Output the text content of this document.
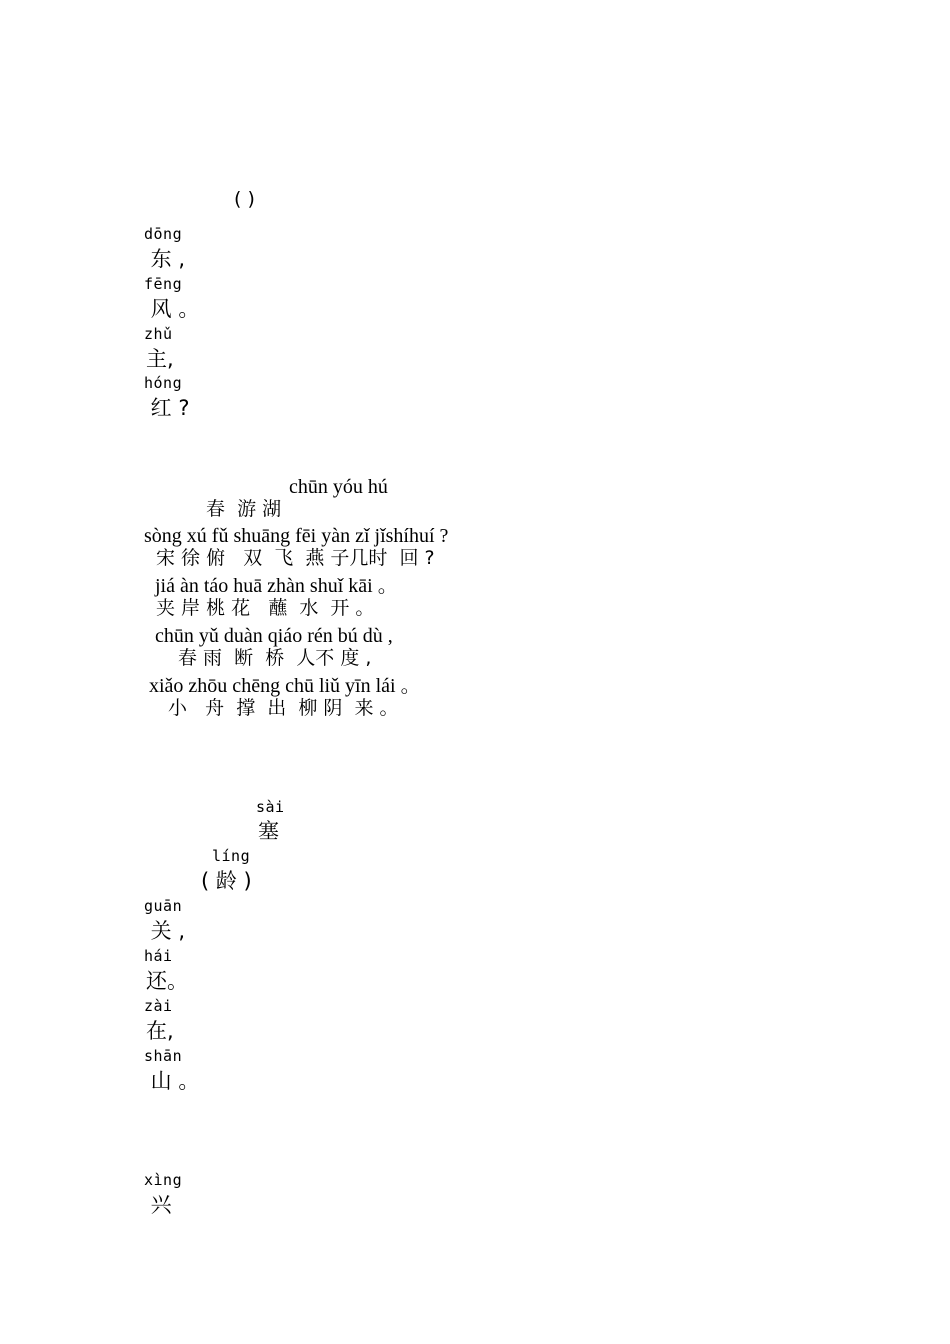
( )
dōng
东 ,
fēng
风 。
zhǔ
主,
hóng
红 ?
chūn yóu hú
春  游 湖
sòng xú fǔ shuāng fēi yàn zǐ jǐshíhuí ?
宋 徐 俯   双  飞  燕 子几时  回 ?
jiá àn táo huā zhàn shuǐ kāi 。
夹 岸 桃 花   蘸  水  开 。
chūn yǔ duàn qiáo rén bú dù ,
春 雨  断  桥  人不 度 ,
xiǎo zhōu chēng chū liǔ yīn lái 。
小   舟  撑  出  柳 阴  来 。
sài
塞
líng
( 龄 )
guān
关 ,
hái
还。
zài
在,
shān
山 。
xìng
兴
